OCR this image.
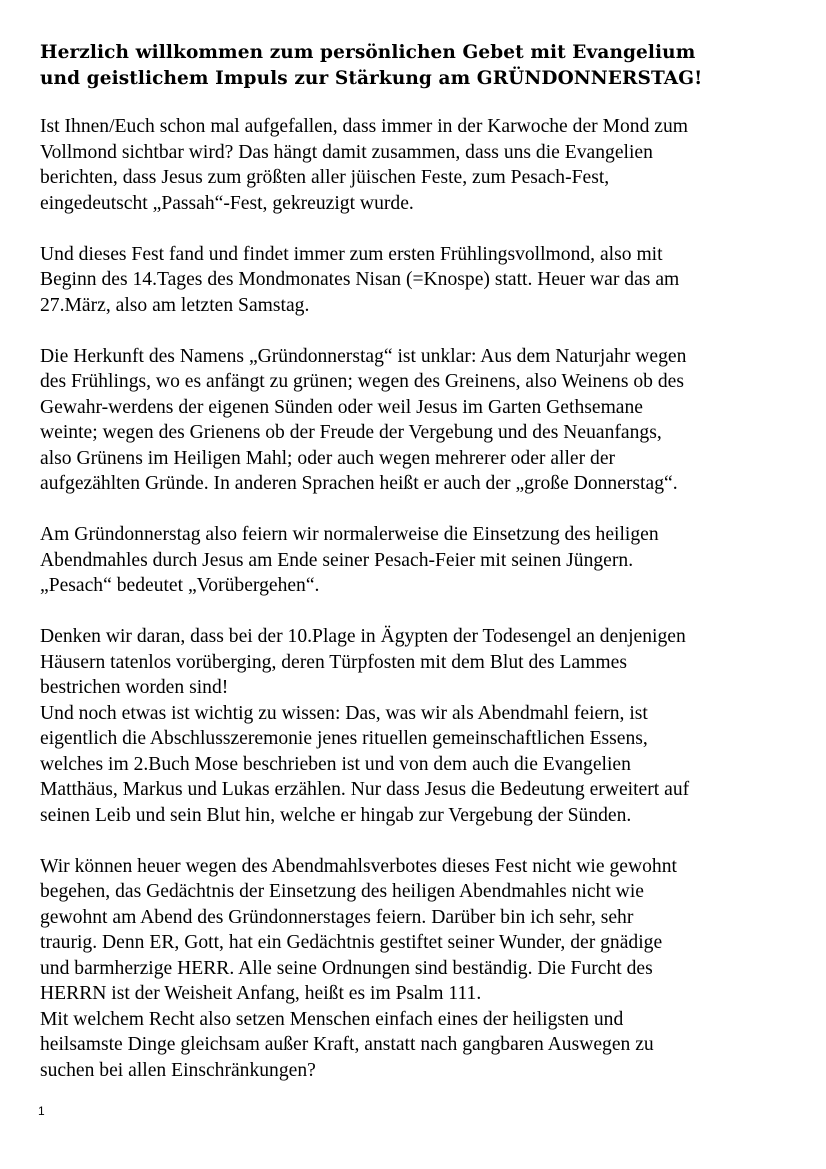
Herzlich willkommen zum persönlichen Gebet mit Evangelium
und geistlichem Impuls zur Stärkung am GRÜNDONNERSTAG!

Ist Ihnen/Euch schon mal aufgefallen, dass immer in der Karwoche der Mond zum
Vollmond sichtbar wird? Das hängt damit zusammen, dass uns die Evangelien
berichten, dass Jesus zum größten aller jüischen Feste, zum Pesach-Fest,
eingedeutscht „Passah“-Fest, gekreuzigt wurde.

Und dieses Fest fand und findet immer zum ersten Frühlingsvollmond, also mit
Beginn des 14.Tages des Mondmonates Nisan (=Knospe) statt. Heuer war das am
27.März, also am letzten Samstag.

Die Herkunft des Namens „Gründonnerstag“ ist unklar: Aus dem Naturjahr wegen
des Frühlings, wo es anfängt zu grünen; wegen des Greinens, also Weinens ob des
Gewahr-werdens der eigenen Sünden oder weil Jesus im Garten Gethsemane
weinte; wegen des Grienens ob der Freude der Vergebung und des Neuanfangs,
also Grünens im Heiligen Mahl; oder auch wegen mehrerer oder aller der
aufgezählten Gründe. In anderen Sprachen heißt er auch der „große Donnerstag“.

Am Gründonnerstag also feiern wir normalerweise die Einsetzung des heiligen
Abendmahles durch Jesus am Ende seiner Pesach-Feier mit seinen Jüngern.
„Pesach“ bedeutet „Vorübergehen“.

Denken wir daran, dass bei der 10.Plage in Ägypten der Todesengel an denjenigen
Häusern tatenlos vorüberging, deren Türpfosten mit dem Blut des Lammes
bestrichen worden sind!

Und noch etwas ist wichtig zu wissen: Das, was wir als Abendmahl feiern, ist
eigentlich die Abschlusszeremonie jenes rituellen gemeinschaftlichen Essens,
welches im 2.Buch Mose beschrieben ist und von dem auch die Evangelien
Matthäus, Markus und Lukas erzählen. Nur dass Jesus die Bedeutung erweitert auf
seinen Leib und sein Blut hin, welche er hingab zur Vergebung der Sünden.

Wir können heuer wegen des Abendmahlsverbotes dieses Fest nicht wie gewohnt
begehen, das Gedächtnis der Einsetzung des heiligen Abendmahles nicht wie
gewohnt am Abend des Gründonnerstages feiern. Darüber bin ich sehr, sehr
traurig. Denn ER, Gott, hat ein Gedächtnis gestiftet seiner Wunder, der gnädige
und barmherzige HERR. Alle seine Ordnungen sind beständig. Die Furcht des
HERRN ist der Weisheit Anfang, heißt es im Psalm 111.

Mit welchem Recht also setzen Menschen einfach eines der heiligsten und
heilsamste Dinge gleichsam außer Kraft, anstatt nach gangbaren Auswegen zu
suchen bei allen Einschränkungen?

1
